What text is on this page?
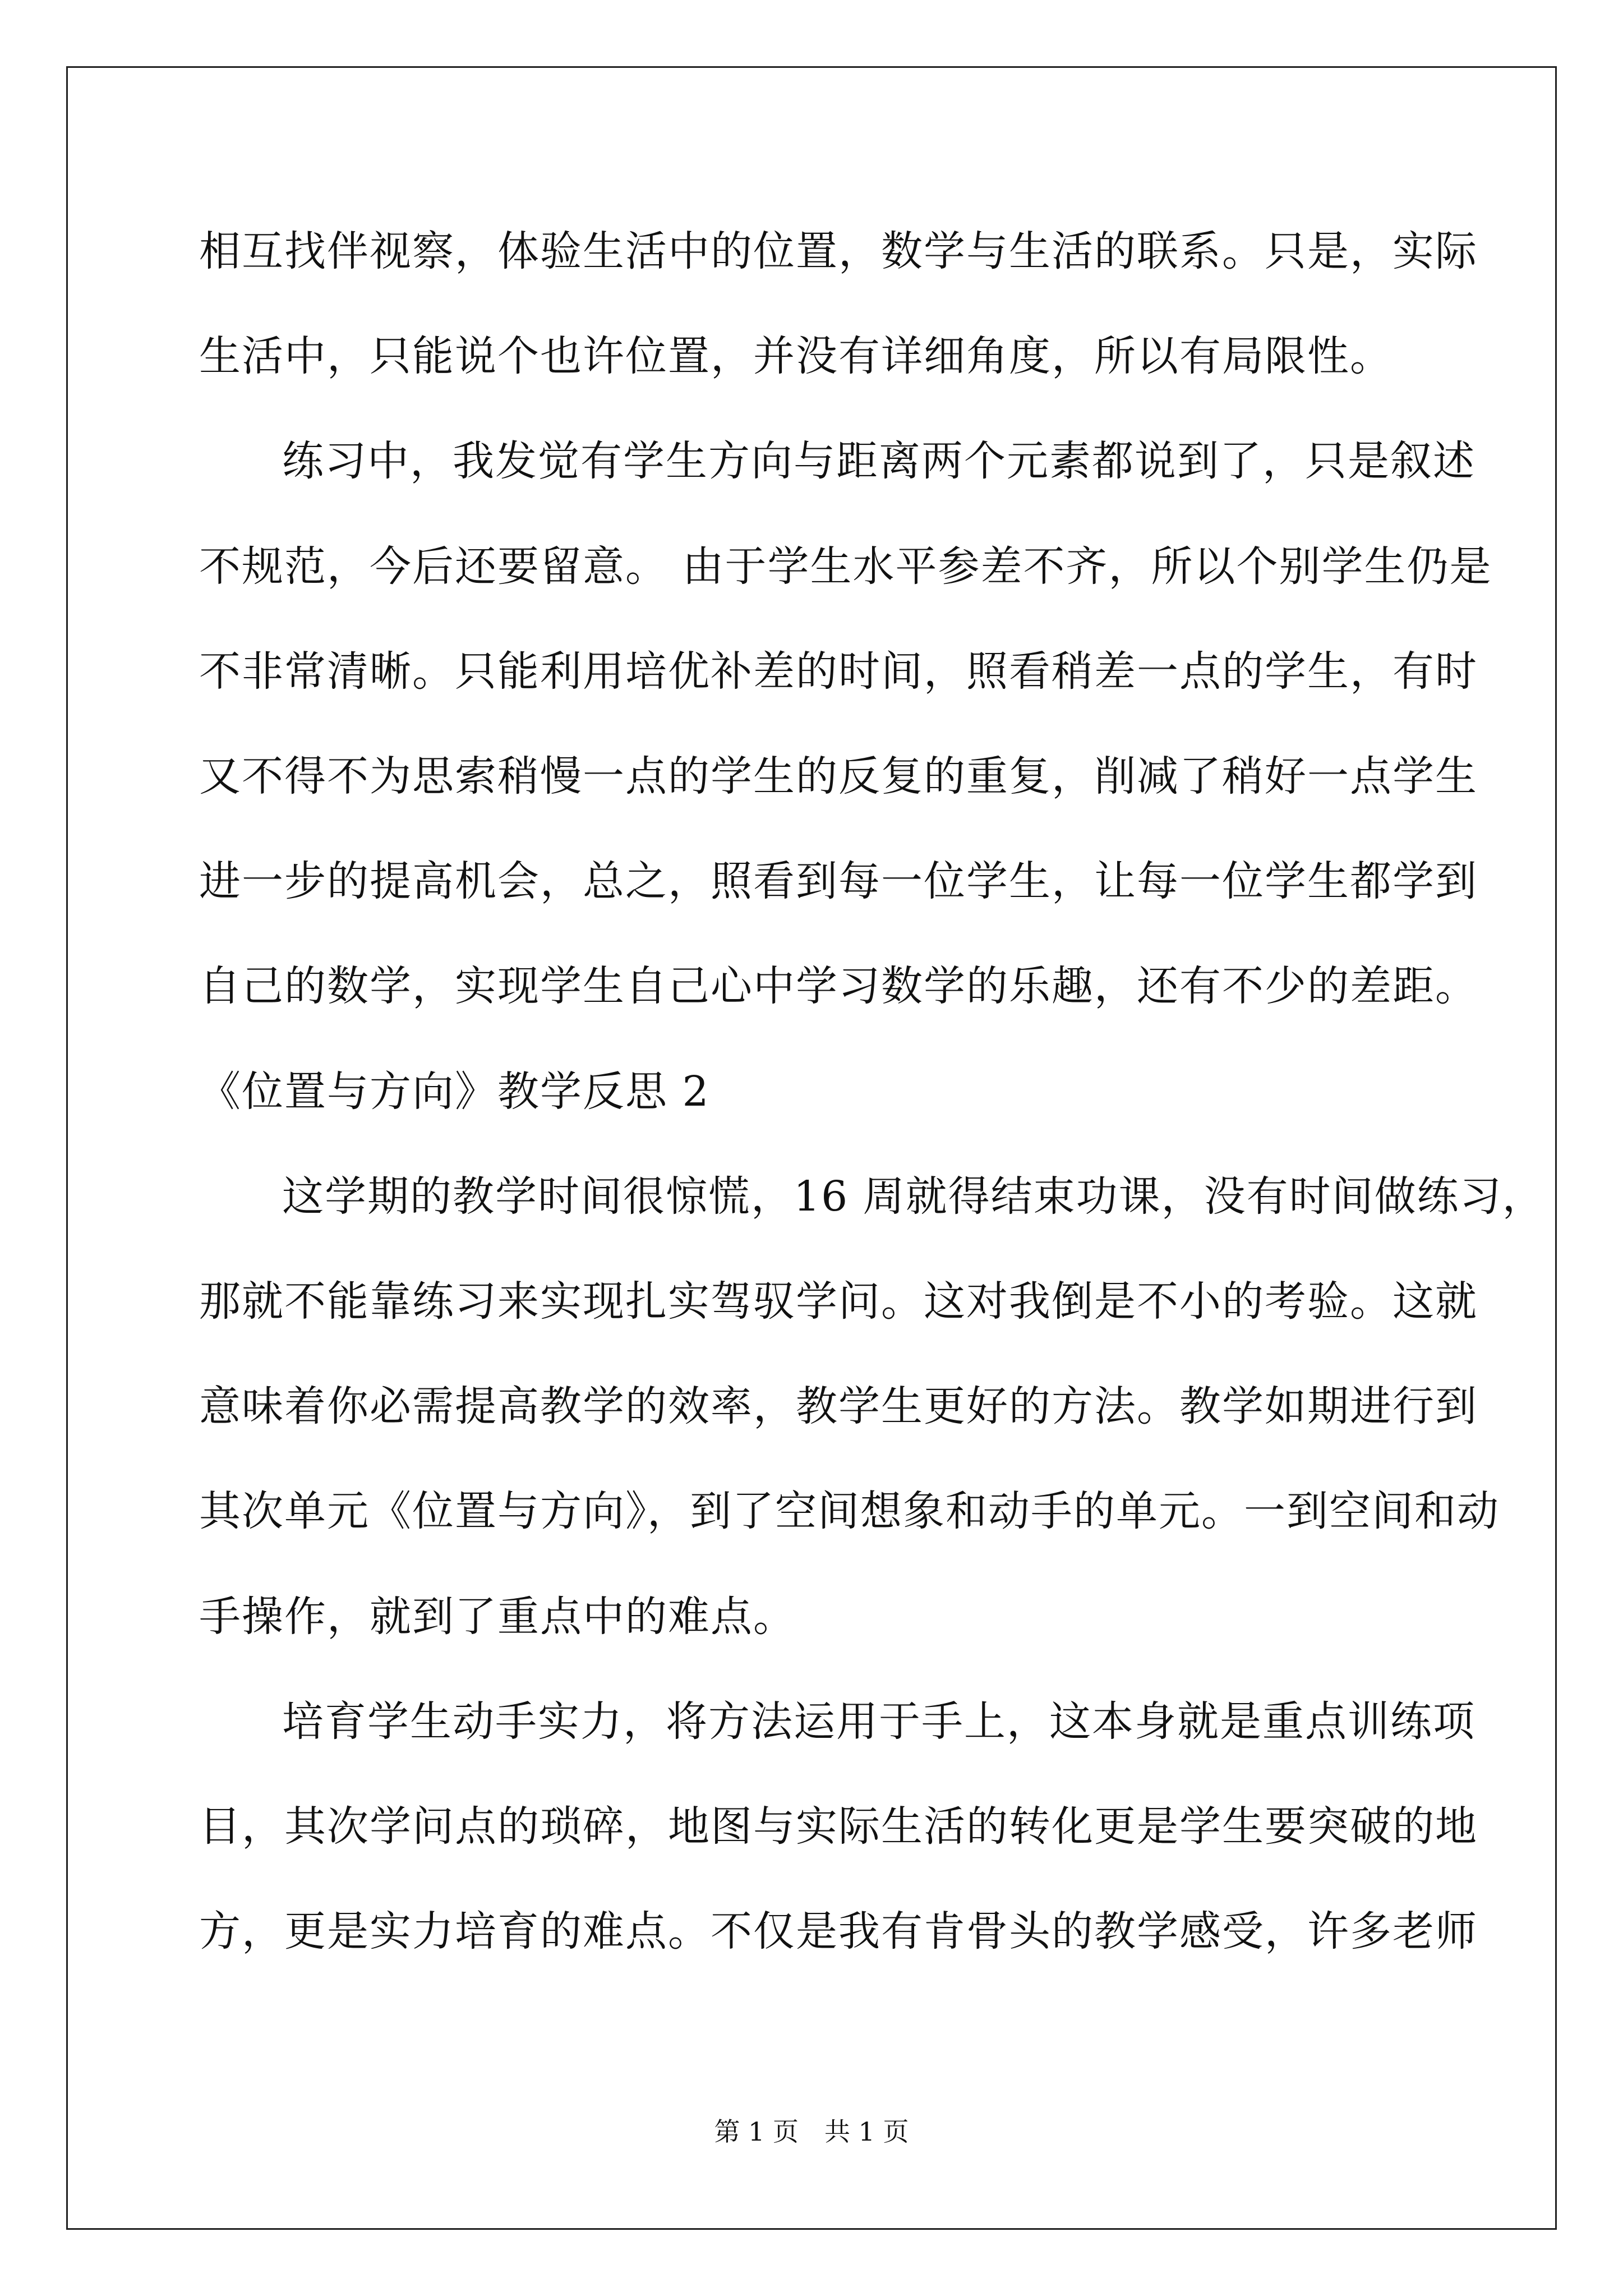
相互找伴视察，体验生活中的位置，数学与生活的联系。只是，实际
生活中，只能说个也许位置，并没有详细角度，所以有局限性。
练习中，我发觉有学生方向与距离两个元素都说到了，只是叙述
不规范，今后还要留意。 由于学生水平参差不齐，所以个别学生仍是
不非常清晰。只能利用培优补差的时间，照看稍差一点的学生，有时
又不得不为思索稍慢一点的学生的反复的重复，削减了稍好一点学生
进一步的提高机会，总之，照看到每一位学生，让每一位学生都学到
自己的数学，实现学生自己心中学习数学的乐趣，还有不少的差距。
《位置与方向》教学反思 2
这学期的教学时间很惊慌，16 周就得结束功课，没有时间做练习，
那就不能靠练习来实现扎实驾驭学问。这对我倒是不小的考验。这就
意味着你必需提高教学的效率，教学生更好的方法。教学如期进行到
其次单元《位置与方向》，到了空间想象和动手的单元。一到空间和动
手操作，就到了重点中的难点。
培育学生动手实力，将方法运用于手上，这本身就是重点训练项
目，其次学问点的琐碎，地图与实际生活的转化更是学生要突破的地
方，更是实力培育的难点。不仅是我有肯骨头的教学感受，许多老师
第 1 页　共 1 页
